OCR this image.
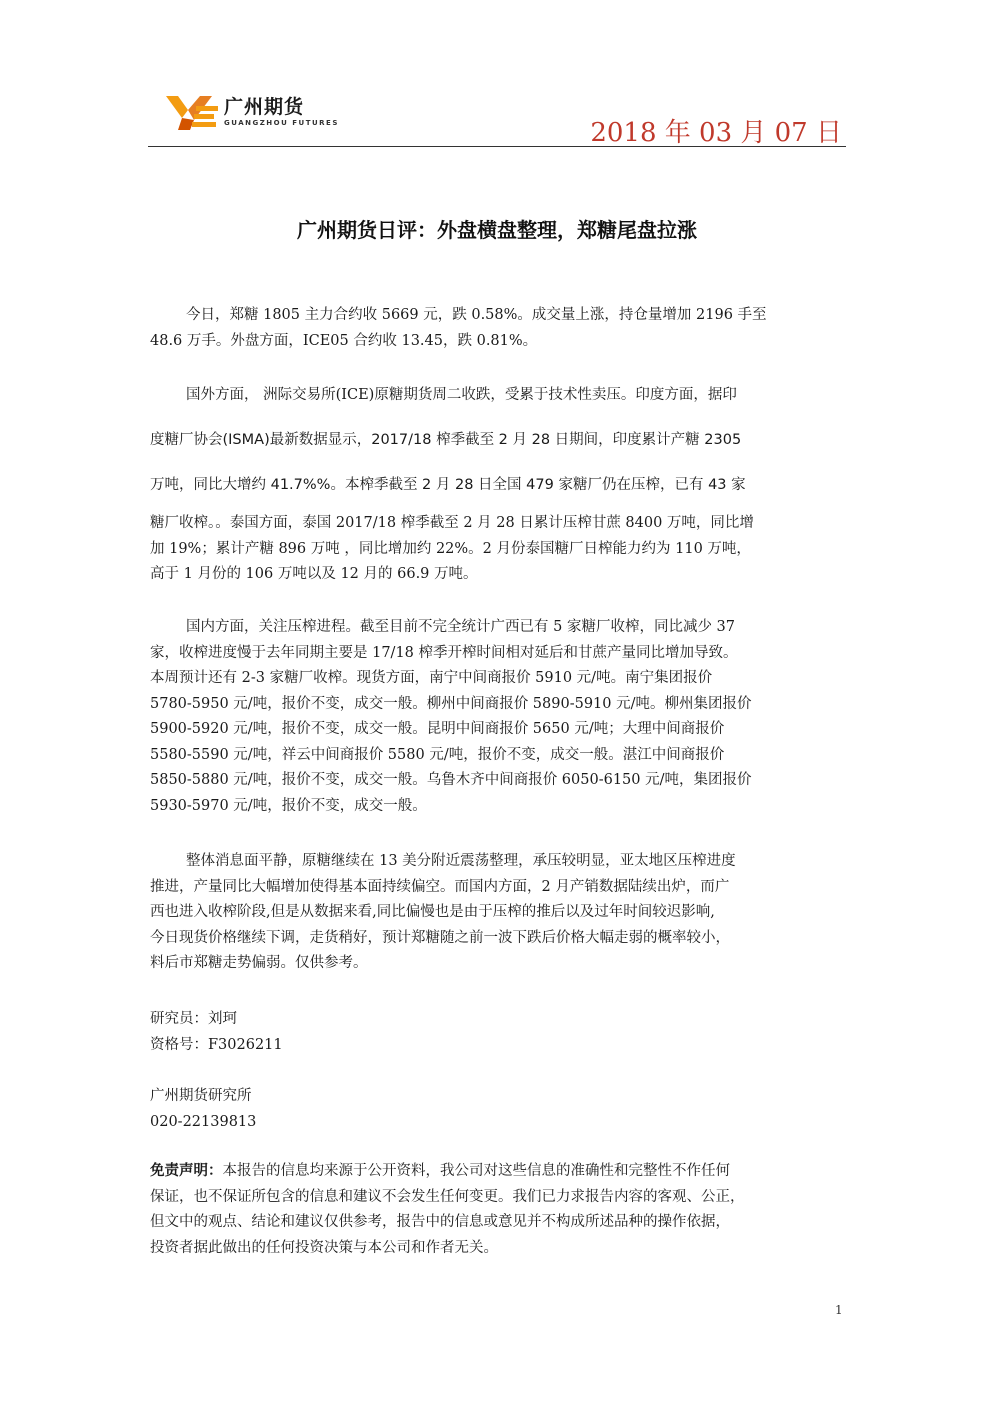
广州期货
GUANGZHOU FUTURES	2018 年 03 月 07 日
广州期货日评：外盘横盘整理，郑糖尾盘拉涨
今日，郑糖 1805 主力合约收 5669 元，跌 0.58%。成交量上涨，持仓量增加 2196 手至
48.6 万手。外盘方面，ICE05 合约收 13.45，跌 0.81%。
国外方面， 洲际交易所(ICE)原糖期货周二收跌，受累于技术性卖压。印度方面，据印
度糖厂协会(ISMA)最新数据显示，2017/18 榨季截至 2 月 28 日期间，印度累计产糖 2305
万吨，同比大增约 41.7%%。本榨季截至 2 月 28 日全国 479 家糖厂仍在压榨，已有 43 家
糖厂收榨。。泰国方面，泰国 2017/18 榨季截至 2 月 28 日累计压榨甘蔗 8400 万吨，同比增
加 19%；累计产糖 896 万吨 ，同比增加约 22%。2 月份泰国糖厂日榨能力约为 110 万吨，
高于 1 月份的 106 万吨以及 12 月的 66.9 万吨。
国内方面，关注压榨进程。截至目前不完全统计广西已有 5 家糖厂收榨，同比减少 37
家，收榨进度慢于去年同期主要是 17/18 榨季开榨时间相对延后和甘蔗产量同比增加导致。
本周预计还有 2-3 家糖厂收榨。现货方面，南宁中间商报价 5910 元/吨。南宁集团报价
5780-5950 元/吨，报价不变，成交一般。柳州中间商报价 5890-5910 元/吨。柳州集团报价
5900-5920 元/吨，报价不变，成交一般。昆明中间商报价 5650 元/吨；大理中间商报价
5580-5590 元/吨，祥云中间商报价 5580 元/吨，报价不变，成交一般。湛江中间商报价
5850-5880 元/吨，报价不变，成交一般。乌鲁木齐中间商报价 6050-6150 元/吨，集团报价
5930-5970 元/吨，报价不变，成交一般。
整体消息面平静，原糖继续在 13 美分附近震荡整理，承压较明显，亚太地区压榨进度
推进，产量同比大幅增加使得基本面持续偏空。而国内方面，2 月产销数据陆续出炉，而广
西也进入收榨阶段,但是从数据来看,同比偏慢也是由于压榨的推后以及过年时间较迟影响,
今日现货价格继续下调，走货稍好，预计郑糖随之前一波下跌后价格大幅走弱的概率较小，
料后市郑糖走势偏弱。仅供参考。
研究员：刘珂
资格号：F3026211
广州期货研究所
020-22139813
免责声明：本报告的信息均来源于公开资料，我公司对这些信息的准确性和完整性不作任何
保证，也不保证所包含的信息和建议不会发生任何变更。我们已力求报告内容的客观、公正，
但文中的观点、结论和建议仅供参考，报告中的信息或意见并不构成所述品种的操作依据，
投资者据此做出的任何投资决策与本公司和作者无关。
1
